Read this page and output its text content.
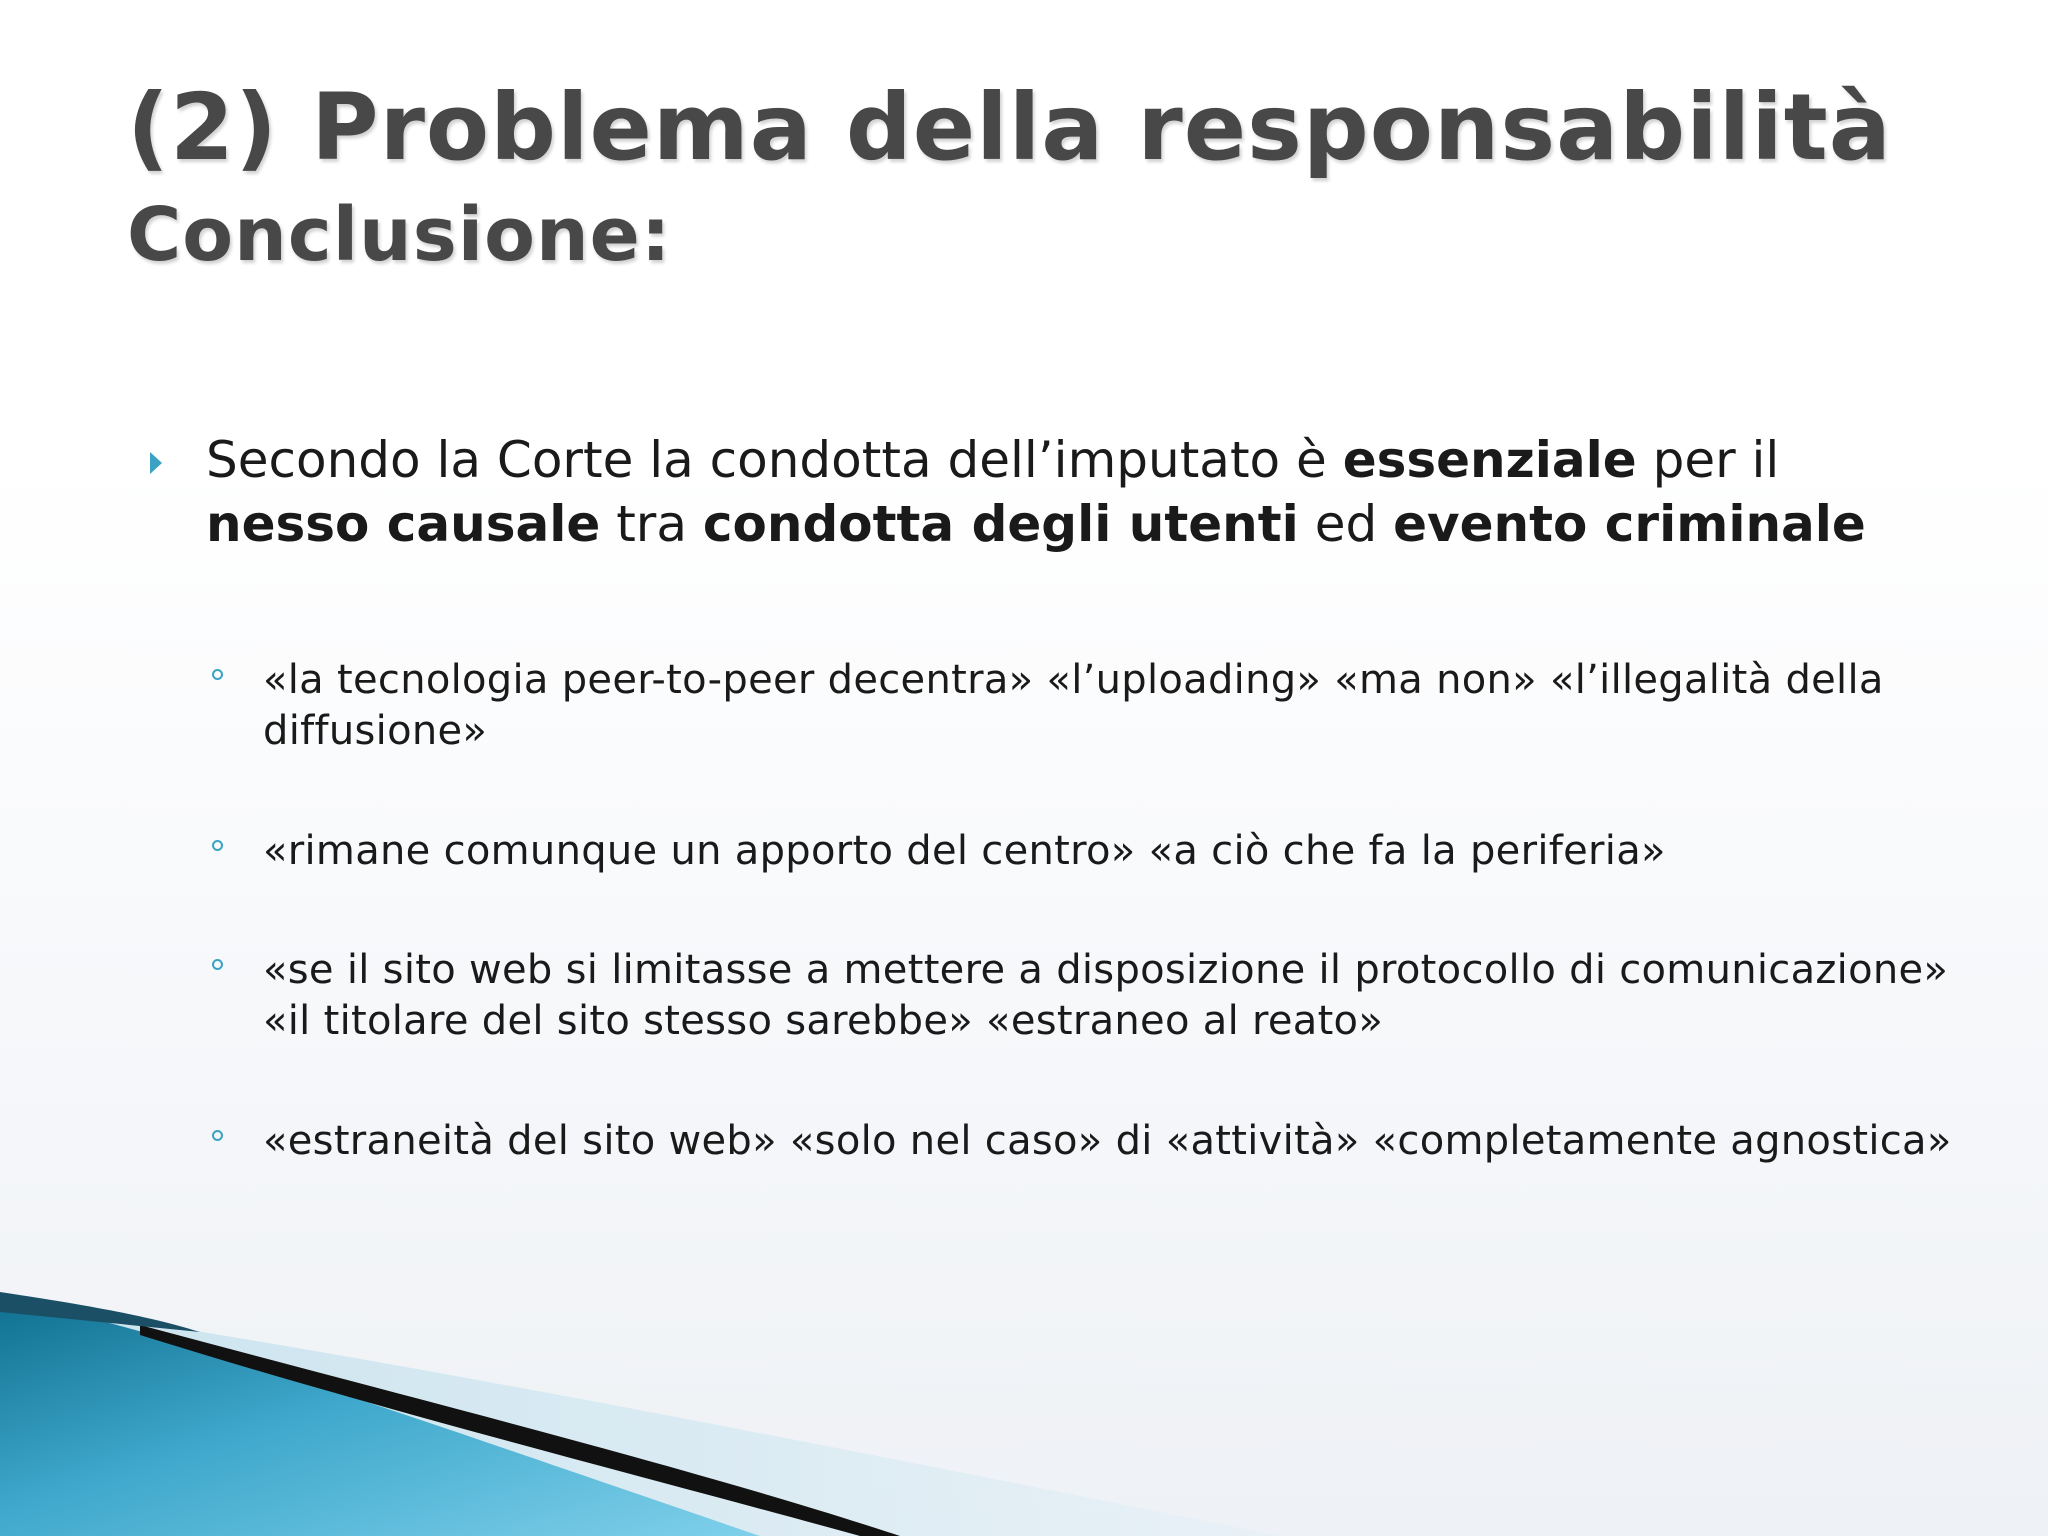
(2) Problema della responsabilità
Conclusione:

Secondo la Corte la condotta dell’imputato è essenziale per il nesso causale tra condotta degli utenti ed evento criminale

«la tecnologia peer-to-peer decentra» «l’uploading» «ma non» «l’illegalità della diffusione»

«rimane comunque un apporto del centro» «a ciò che fa la periferia»

«se il sito web si limitasse a mettere a disposizione il protocollo di comunicazione» «il titolare del sito stesso sarebbe» «estraneo al reato»

«estraneità del sito web» «solo nel caso» di «attività» «completamente agnostica»
